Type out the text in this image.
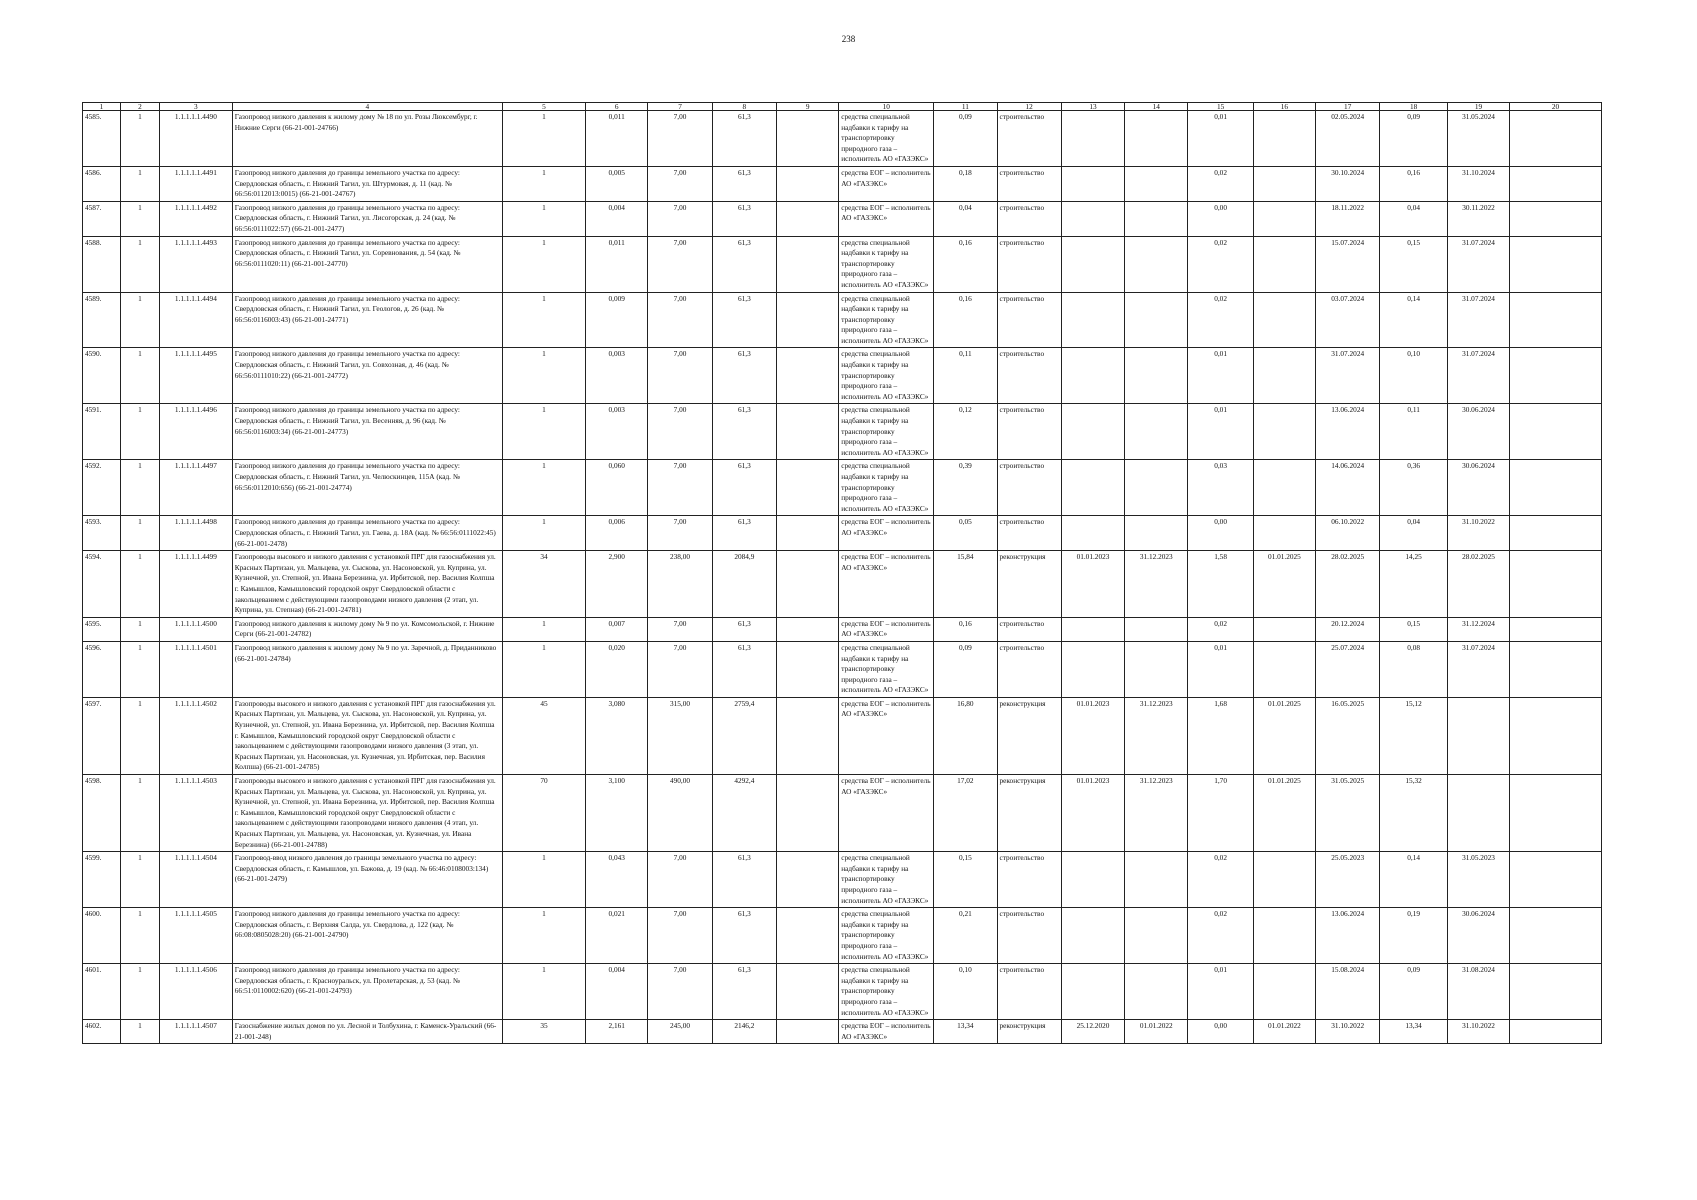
238
1	2	3	4	5	6	7	8	9	10	11	12	13	14	15	16	17	18	19	20
4585.	1	1.1.1.1.1.4490	Газопровод низкого давления к жилому дому № 18 по ул. Розы Люксембург, г. Нижние Серги (66-21-001-24766)	1	0,011	7,00	61,3		средства специальной надбавки к тарифу на транспортировку природного газа – исполнитель АО «ГАЗЭКС»	0,09	строительство			0,01		02.05.2024	0,09	31.05.2024	
4586.	1	1.1.1.1.1.4491	Газопровод низкого давления до границы земельного участка по адресу: Свердловская область, г. Нижний Тагил, ул. Штурмовая, д. 11 (кад. № 66:56:0112013:0015) (66-21-001-24767)	1	0,005	7,00	61,3		средства ЕОГ – исполнитель АО «ГАЗЭКС»	0,18	строительство			0,02		30.10.2024	0,16	31.10.2024	
4587.	1	1.1.1.1.1.4492	Газопровод низкого давления до границы земельного участка по адресу: Свердловская область, г. Нижний Тагил, ул. Лисогорская, д. 24 (кад. № 66:56:0111022:57) (66-21-001-2477)	1	0,004	7,00	61,3		средства ЕОГ – исполнитель АО «ГАЗЭКС»	0,04	строительство			0,00		18.11.2022	0,04	30.11.2022	
4588.	1	1.1.1.1.1.4493	Газопровод низкого давления до границы земельного участка по адресу: Свердловская область, г. Нижний Тагил, ул. Соревнования, д. 54 (кад. № 66:56:0111020:11) (66-21-001-24770)	1	0,011	7,00	61,3		средства специальной надбавки к тарифу на транспортировку природного газа – исполнитель АО «ГАЗЭКС»	0,16	строительство			0,02		15.07.2024	0,15	31.07.2024	
4589.	1	1.1.1.1.1.4494	Газопровод низкого давления до границы земельного участка по адресу: Свердловская область, г. Нижний Тагил, ул. Геологов, д. 26 (кад. № 66:56:0116003:43) (66-21-001-24771)	1	0,009	7,00	61,3		средства специальной надбавки к тарифу на транспортировку природного газа – исполнитель АО «ГАЗЭКС»	0,16	строительство			0,02		03.07.2024	0,14	31.07.2024	
4590.	1	1.1.1.1.1.4495	Газопровод низкого давления до границы земельного участка по адресу: Свердловская область, г. Нижний Тагил, ул. Совхозная, д. 46 (кад. № 66:56:0111010:22) (66-21-001-24772)	1	0,003	7,00	61,3		средства специальной надбавки к тарифу на транспортировку природного газа – исполнитель АО «ГАЗЭКС»	0,11	строительство			0,01		31.07.2024	0,10	31.07.2024	
4591.	1	1.1.1.1.1.4496	Газопровод низкого давления до границы земельного участка по адресу: Свердловская область, г. Нижний Тагил, ул. Весенняя, д. 96 (кад. № 66:56:0116003:34) (66-21-001-24773)	1	0,003	7,00	61,3		средства специальной надбавки к тарифу на транспортировку природного газа – исполнитель АО «ГАЗЭКС»	0,12	строительство			0,01		13.06.2024	0,11	30.06.2024	
4592.	1	1.1.1.1.1.4497	Газопровод низкого давления до границы земельного участка по адресу: Свердловская область, г. Нижний Тагил, ул. Челюскинцев, 115А (кад. № 66:56:0112010:656) (66-21-001-24774)	1	0,060	7,00	61,3		средства специальной надбавки к тарифу на транспортировку природного газа – исполнитель АО «ГАЗЭКС»	0,39	строительство			0,03		14.06.2024	0,36	30.06.2024	
4593.	1	1.1.1.1.1.4498	Газопровод низкого давления до границы земельного участка по адресу: Свердловская область, г. Нижний Тагил, ул. Гаева, д. 18А (кад. № 66:56:0111022:45) (66-21-001-2478)	1	0,006	7,00	61,3		средства ЕОГ – исполнитель АО «ГАЗЭКС»	0,05	строительство			0,00		06.10.2022	0,04	31.10.2022	
4594.	1	1.1.1.1.1.4499	Газопроводы высокого и низкого давления с установкой ПРГ для газоснабжения ул. Красных Партизан, ул. Мальцева, ул. Сыскова, ул. Насоновской, ул. Куприна, ул. Кузнечной, ул. Степной, ул. Ивана Березнина, ул. Ирбитской, пер. Василия Колпша г. Камышлов, Камышловский городской округ Свердловской области с закольцеванием с действующими газопроводами низкого давления (2 этап, ул. Куприна, ул. Степная) (66-21-001-24781)	34	2,900	238,00	2084,9		средства ЕОГ – исполнитель АО «ГАЗЭКС»	15,84	реконструкция	01.01.2023	31.12.2023	1,58	01.01.2025	28.02.2025	14,25	28.02.2025	
4595.	1	1.1.1.1.1.4500	Газопровод низкого давления к жилому дому № 9 по ул. Комсомольской, г. Нижние Серги (66-21-001-24782)	1	0,007	7,00	61,3		средства ЕОГ – исполнитель АО «ГАЗЭКС»	0,16	строительство			0,02		20.12.2024	0,15	31.12.2024	
4596.	1	1.1.1.1.1.4501	Газопровод низкого давления к жилому дому № 9 по ул. Заречной, д. Приданниково (66-21-001-24784)	1	0,020	7,00	61,3		средства специальной надбавки к тарифу на транспортировку природного газа – исполнитель АО «ГАЗЭКС»	0,09	строительство			0,01		25.07.2024	0,08	31.07.2024	
4597.	1	1.1.1.1.1.4502	Газопроводы высокого и низкого давления с установкой ПРГ для газоснабжения ул. Красных Партизан, ул. Мальцева, ул. Сыскова, ул. Насоновской, ул. Куприна, ул. Кузнечной, ул. Степной, ул. Ивана Березнина, ул. Ирбитской, пер. Василия Колпша г. Камышлов, Камышловский городской округ Свердловской области с закольцеванием с действующими газопроводами низкого давления (3 этап, ул. Красных Партизан, ул. Насоновская, ул. Кузнечная, ул. Ирбитская, пер. Василия Колпша) (66-21-001-24785)	45	3,080	315,00	2759,4		средства ЕОГ – исполнитель АО «ГАЗЭКС»	16,80	реконструкция	01.01.2023	31.12.2023	1,68	01.01.2025	16.05.2025	15,12		
4598.	1	1.1.1.1.1.4503	Газопроводы высокого и низкого давления с установкой ПРГ для газоснабжения ул. Красных Партизан, ул. Мальцева, ул. Сыскова, ул. Насоновской, ул. Куприна, ул. Кузнечной, ул. Степной, ул. Ивана Березнина, ул. Ирбитской, пер. Василия Колпша г. Камышлов, Камышловский городской округ Свердловской области с закольцеванием с действующими газопроводами низкого давления (4 этап, ул. Красных Партизан, ул. Мальцева, ул. Насоновская, ул. Кузнечная, ул. Ивана Березнина) (66-21-001-24788)	70	3,100	490,00	4292,4		средства ЕОГ – исполнитель АО «ГАЗЭКС»	17,02	реконструкция	01.01.2023	31.12.2023	1,70	01.01.2025	31.05.2025	15,32		
4599.	1	1.1.1.1.1.4504	Газопровод-ввод низкого давления до границы земельного участка по адресу: Свердловская область, г. Камышлов, ул. Бажова, д. 19 (кад. № 66:46:0108003:134) (66-21-001-2479)	1	0,043	7,00	61,3		средства специальной надбавки к тарифу на транспортировку природного газа – исполнитель АО «ГАЗЭКС»	0,15	строительство			0,02		25.05.2023	0,14	31.05.2023	
4600.	1	1.1.1.1.1.4505	Газопровод низкого давления до границы земельного участка по адресу: Свердловская область, г. Верхняя Салда, ул. Свердлова, д. 122 (кад. № 66:08:0805028:20) (66-21-001-24790)	1	0,021	7,00	61,3		средства специальной надбавки к тарифу на транспортировку природного газа – исполнитель АО «ГАЗЭКС»	0,21	строительство			0,02		13.06.2024	0,19	30.06.2024	
4601.	1	1.1.1.1.1.4506	Газопровод низкого давления до границы земельного участка по адресу: Свердловская область, г. Красноуральск, ул. Пролетарская, д. 53 (кад. № 66:51:0110002:620) (66-21-001-24793)	1	0,004	7,00	61,3		средства специальной надбавки к тарифу на транспортировку природного газа – исполнитель АО «ГАЗЭКС»	0,10	строительство			0,01		15.08.2024	0,09	31.08.2024	
4602.	1	1.1.1.1.1.4507	Газоснабжение жилых домов по ул. Лесной и Толбухина, г. Каменск-Уральский (66-21-001-248)	35	2,161	245,00	2146,2		средства ЕОГ – исполнитель АО «ГАЗЭКС»	13,34	реконструкция	25.12.2020	01.01.2022	0,00	01.01.2022	31.10.2022	13,34	31.10.2022	
